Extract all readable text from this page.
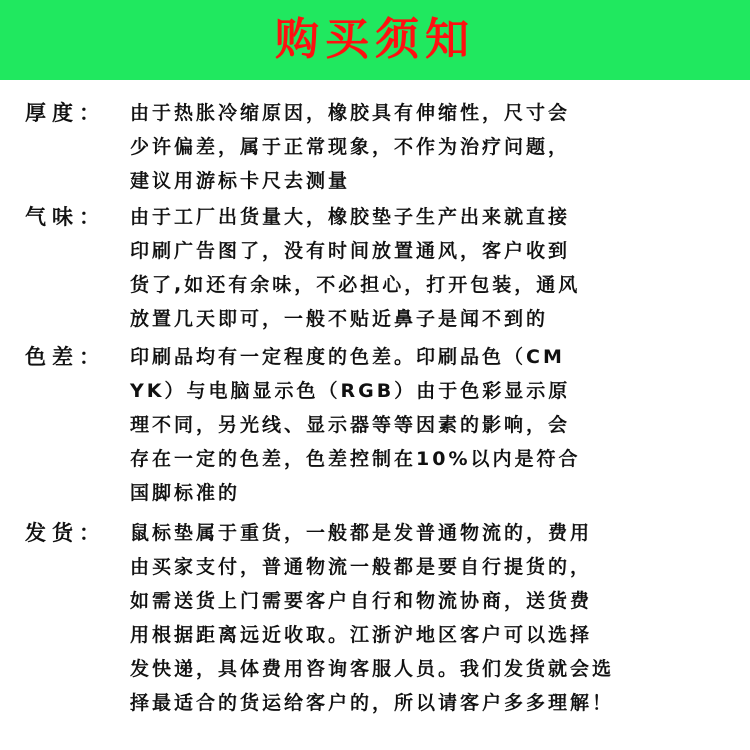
购买须知
厚度： 由于热胀冷缩原因，橡胶具有伸缩性，尺寸会
少许偏差，属于正常现象，不作为治疗问题，
建议用游标卡尺去测量
气味： 由于工厂出货量大，橡胶垫子生产出来就直接
印刷广告图了，没有时间放置通风，客户收到
货了,如还有余味，不必担心，打开包装，通风
放置几天即可，一般不贴近鼻子是闻不到的
色差： 印刷品均有一定程度的色差。印刷品色（CM
YK）与电脑显示色（RGB）由于色彩显示原
理不同，另光线、显示器等等因素的影响，会
存在一定的色差，色差控制在10%以内是符合
国脚标准的
发货： 鼠标垫属于重货，一般都是发普通物流的，费用
由买家支付，普通物流一般都是要自行提货的，
如需送货上门需要客户自行和物流协商，送货费
用根据距离远近收取。江浙沪地区客户可以选择
发快递，具体费用咨询客服人员。我们发货就会选
择最适合的货运给客户的，所以请客户多多理解！
